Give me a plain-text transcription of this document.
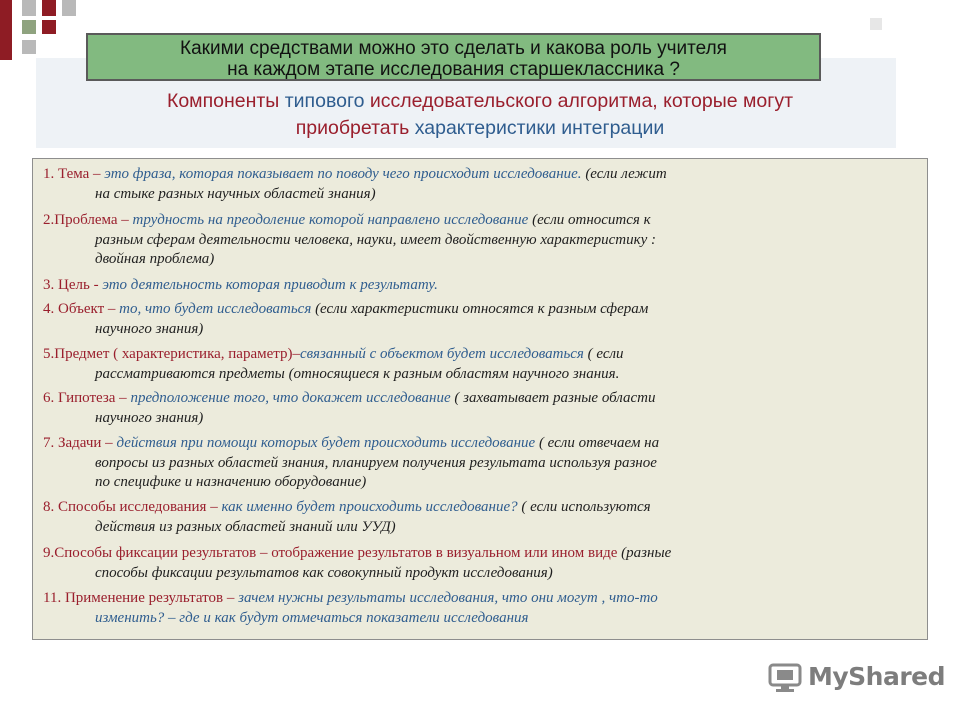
Какими средствами можно это сделать и какова роль учителя
на каждом этапе исследования старшеклассника ?
Компоненты типового исследовательского алгоритма, которые могут
приобретать характеристики интеграции
1. Тема – это фраза, которая показывает по поводу чего происходит исследование. (если лежит
на стыке разных научных областей знания)
2.Проблема – трудность на преодоление которой направлено исследование (если относится к
разным сферам деятельности человека, науки, имеет двойственную характеристику :
двойная проблема)
3. Цель - это деятельность которая приводит к результату.
4. Объект – то, что будет исследоваться (если характеристики относятся к разным сферам
научного знания)
5.Предмет ( характеристика, параметр)–связанный с объектом будет исследоваться ( если
рассматриваются предметы (относящиеся к разным областям научного знания.
6. Гипотеза – предположение того, что докажет исследование ( захватывает разные области
научного знания)
7. Задачи – действия при помощи которых будет происходить исследование ( если отвечаем на
вопросы из разных областей знания, планируем получения результата используя разное
по специфике и назначению оборудование)
8. Способы исследования – как именно будет происходить исследование? ( если используются
действия из разных областей знаний или УУД)
9.Способы фиксации результатов – отображение результатов в визуальном или ином виде (разные
способы фиксации результатов как совокупный продукт исследования)
11. Применение результатов – зачем нужны результаты исследования, что они могут , что-то
изменить? – где и как будут отмечаться показатели исследования
MyShared
